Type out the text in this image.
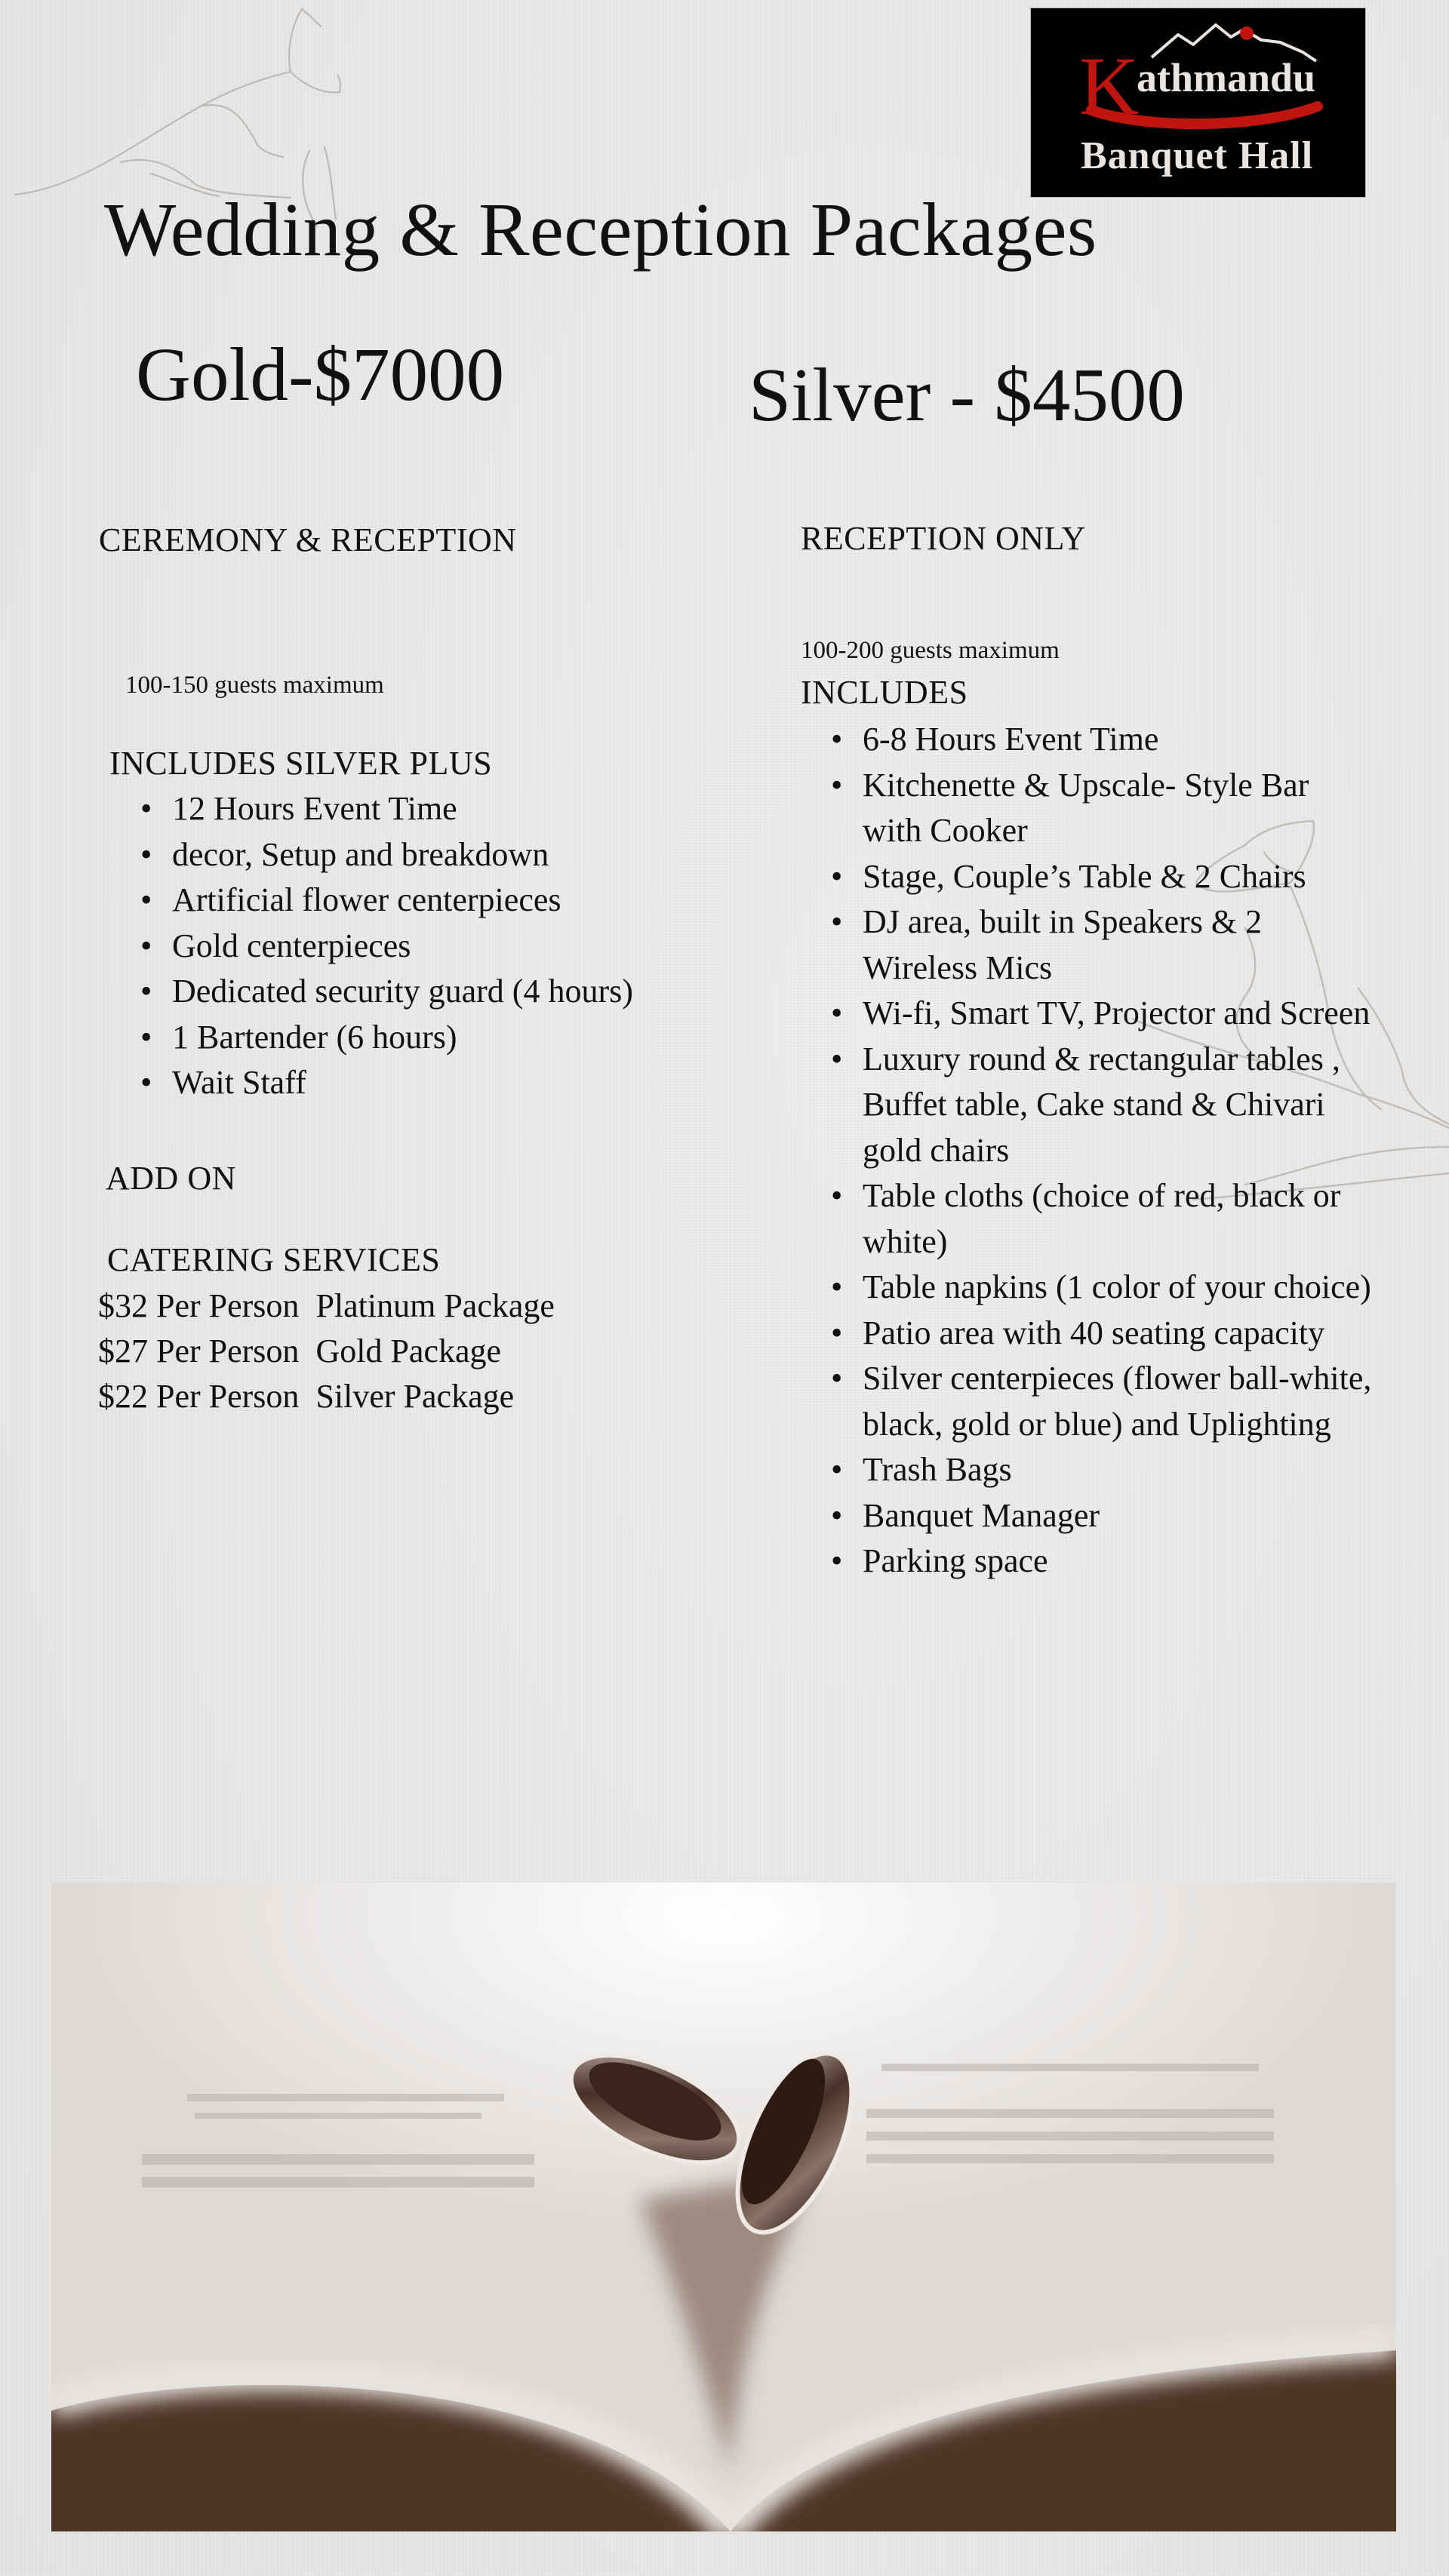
K
athmandu
Banquet Hall
Wedding & Reception Packages
Gold-$7000	Silver - $4500
CEREMONY & RECEPTION
100-150 guests maximum
INCLUDES SILVER PLUS
• 12 Hours Event Time
• decor, Setup and breakdown
• Artificial flower centerpieces
• Gold centerpieces
• Dedicated security guard (4 hours)
• 1 Bartender (6 hours)
• Wait Staff
ADD ON
CATERING SERVICES
$32 Per Person Platinum Package
$27 Per Person Gold Package
$22 Per Person Silver Package
RECEPTION ONLY
100-200 guests maximum
INCLUDES
• 6-8 Hours Event Time
• Kitchenette & Upscale- Style Bar with Cooker
• Stage, Couple’s Table & 2 Chairs
• DJ area, built in Speakers & 2 Wireless Mics
• Wi-fi, Smart TV, Projector and Screen
• Luxury round & rectangular tables , Buffet table, Cake stand & Chivari gold chairs
• Table cloths (choice of red, black or white)
• Table napkins (1 color of your choice)
• Patio area with 40 seating capacity
• Silver centerpieces (flower ball-white, black, gold or blue) and Uplighting
• Trash Bags
• Banquet Manager
• Parking space
